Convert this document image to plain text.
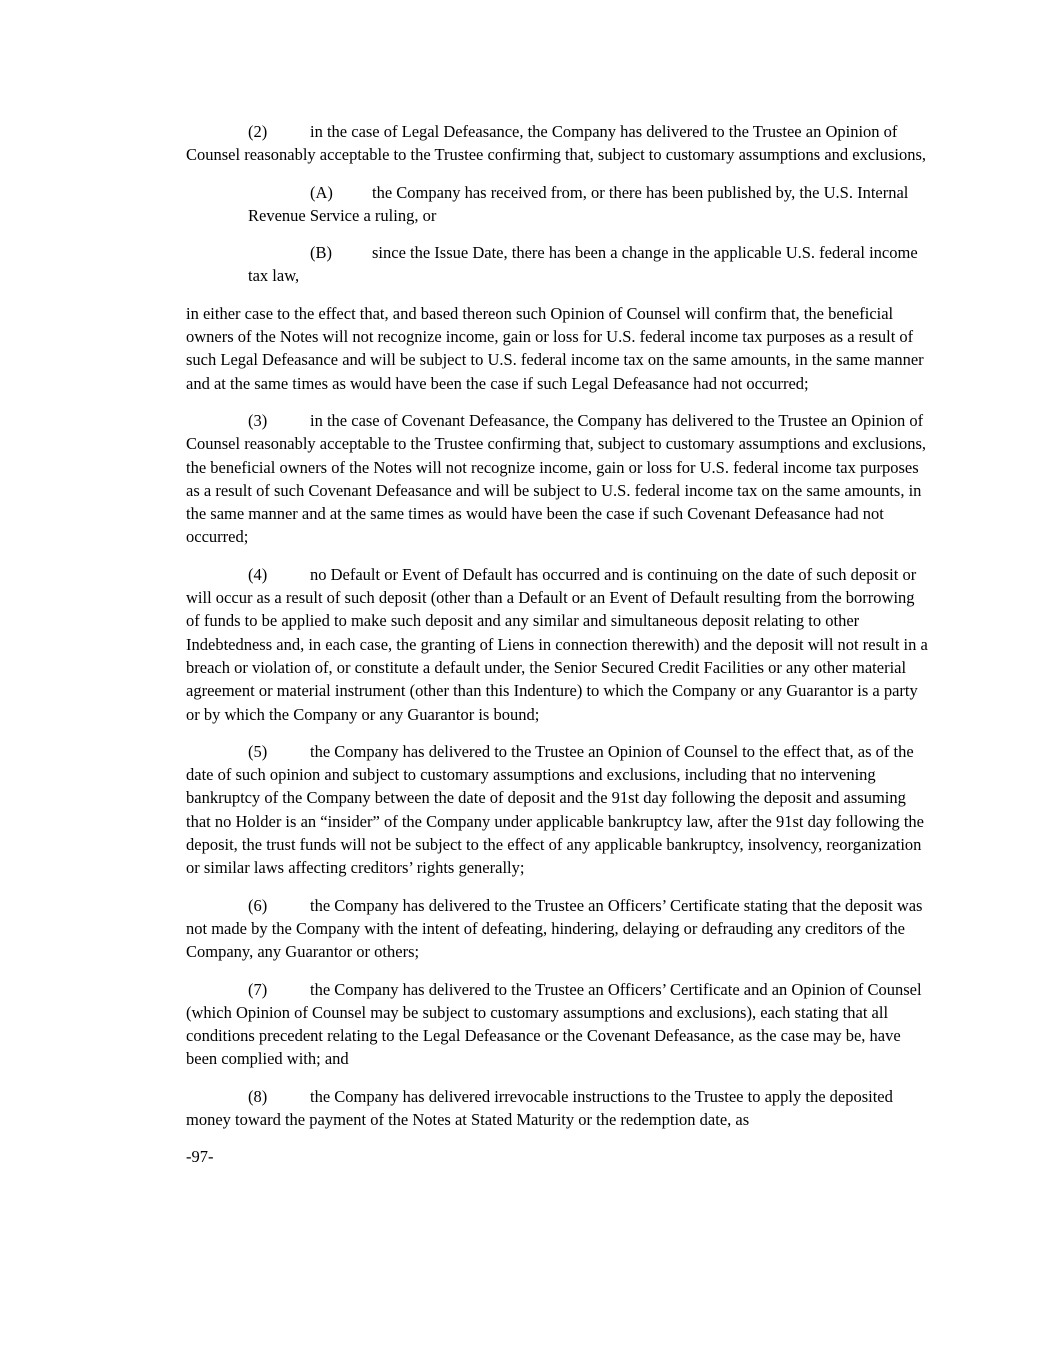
(2)	in the case of Legal Defeasance, the Company has delivered to the Trustee an Opinion of Counsel reasonably acceptable to the Trustee confirming that, subject to customary assumptions and exclusions,

(A) the Company has received from, or there has been published by, the U.S. Internal Revenue Service a ruling, or

(B) since the Issue Date, there has been a change in the applicable U.S. federal income tax law,

in either case to the effect that, and based thereon such Opinion of Counsel will confirm that, the beneficial owners of the Notes will not recognize income, gain or loss for U.S. federal income tax purposes as a result of such Legal Defeasance and will be subject to U.S. federal income tax on the same amounts, in the same manner and at the same times as would have been the case if such Legal Defeasance had not occurred;

(3)	in the case of Covenant Defeasance, the Company has delivered to the Trustee an Opinion of Counsel reasonably acceptable to the Trustee confirming that, subject to customary assumptions and exclusions, the beneficial owners of the Notes will not recognize income, gain or loss for U.S. federal income tax purposes as a result of such Covenant Defeasance and will be subject to U.S. federal income tax on the same amounts, in the same manner and at the same times as would have been the case if such Covenant Defeasance had not occurred;

(4)	no Default or Event of Default has occurred and is continuing on the date of such deposit or will occur as a result of such deposit (other than a Default or an Event of Default resulting from the borrowing of funds to be applied to make such deposit and any similar and simultaneous deposit relating to other Indebtedness and, in each case, the granting of Liens in connection therewith) and the deposit will not result in a breach or violation of, or constitute a default under, the Senior Secured Credit Facilities or any other material agreement or material instrument (other than this Indenture) to which the Company or any Guarantor is a party or by which the Company or any Guarantor is bound;

(5)	the Company has delivered to the Trustee an Opinion of Counsel to the effect that, as of the date of such opinion and subject to customary assumptions and exclusions, including that no intervening bankruptcy of the Company between the date of deposit and the 91st day following the deposit and assuming that no Holder is an “insider” of the Company under applicable bankruptcy law, after the 91st day following the deposit, the trust funds will not be subject to the effect of any applicable bankruptcy, insolvency, reorganization or similar laws affecting creditors’ rights generally;

(6)	the Company has delivered to the Trustee an Officers’ Certificate stating that the deposit was not made by the Company with the intent of defeating, hindering, delaying or defrauding any creditors of the Company, any Guarantor or others;

(7)	the Company has delivered to the Trustee an Officers’ Certificate and an Opinion of Counsel (which Opinion of Counsel may be subject to customary assumptions and exclusions), each stating that all conditions precedent relating to the Legal Defeasance or the Covenant Defeasance, as the case may be, have been complied with; and

(8)	the Company has delivered irrevocable instructions to the Trustee to apply the deposited money toward the payment of the Notes at Stated Maturity or the redemption date, as

-97-
